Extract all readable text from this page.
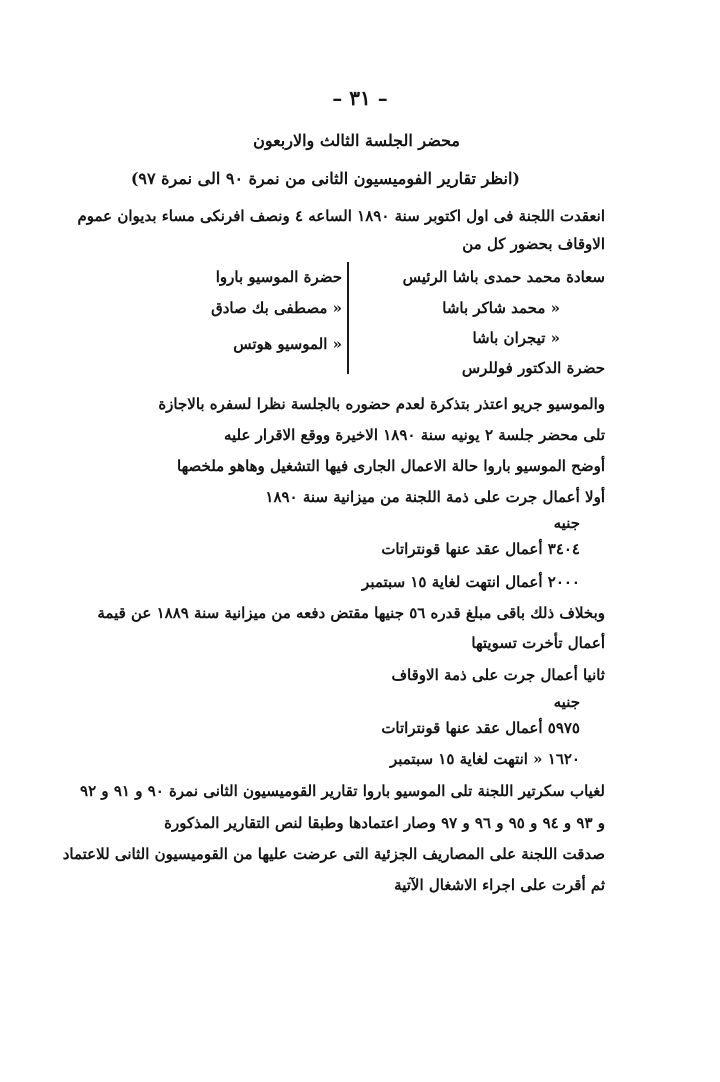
– ٣١ –
محضر الجلسة الثالث والاربعون
(انظر تقارير الفوميسيون الثانى من نمرة ٩٠ الى نمرة ٩٧)
انعقدت اللجنة فى اول اكتوبر سنة ١٨٩٠ الساعه ٤ ونصف افرنكى مساء بديوان عموم
الاوقاف بحضور كل من
سعادة محمد حمدى باشا الرئيس
« محمد شاكر باشا
« تيجران باشا
حضرة الموسيو باروا
« مصطفى بك صادق
« الموسيو هوتس
حضرة الدكتور فوللرس
والموسيو جريو اعتذر بتذكرة لعدم حضوره بالجلسة نظرا لسفره بالاجازة
تلى محضر جلسة ٢ يونيه سنة ١٨٩٠ الاخيرة ووقع الاقرار عليه
أوضح الموسيو باروا حالة الاعمال الجارى فيها التشغيل وهاهو ملخصها
أولا أعمال جرت على ذمة اللجنة من ميزانية سنة ١٨٩٠
جنيه
٣٤٠٤ أعمال عقد عنها قونتراتات
٢٠٠٠ أعمال انتهت لغاية ١٥ سبتمبر
وبخلاف ذلك باقى مبلغ قدره ٥٦ جنيها مقتض دفعه من ميزانية سنة ١٨٨٩ عن قيمة
أعمال تأخرت تسويتها
ثانيا أعمال جرت على ذمة الاوقاف
جنيه
٥٩٧٥ أعمال عقد عنها قونتراتات
١٦٢٠ « انتهت لغاية ١٥ سبتمبر
لغياب سكرتير اللجنة تلى الموسيو باروا تقارير القوميسيون الثانى نمرة ٩٠ و ٩١ و ٩٢
و ٩٣ و ٩٤ و ٩٥ و ٩٦ و ٩٧ وصار اعتمادها وطبقا لنص التقارير المذكورة
صدقت اللجنة على المصاريف الجزئية التى عرضت عليها من القوميسيون الثانى للاعتماد
ثم أقرت على اجراء الاشغال الآتية
